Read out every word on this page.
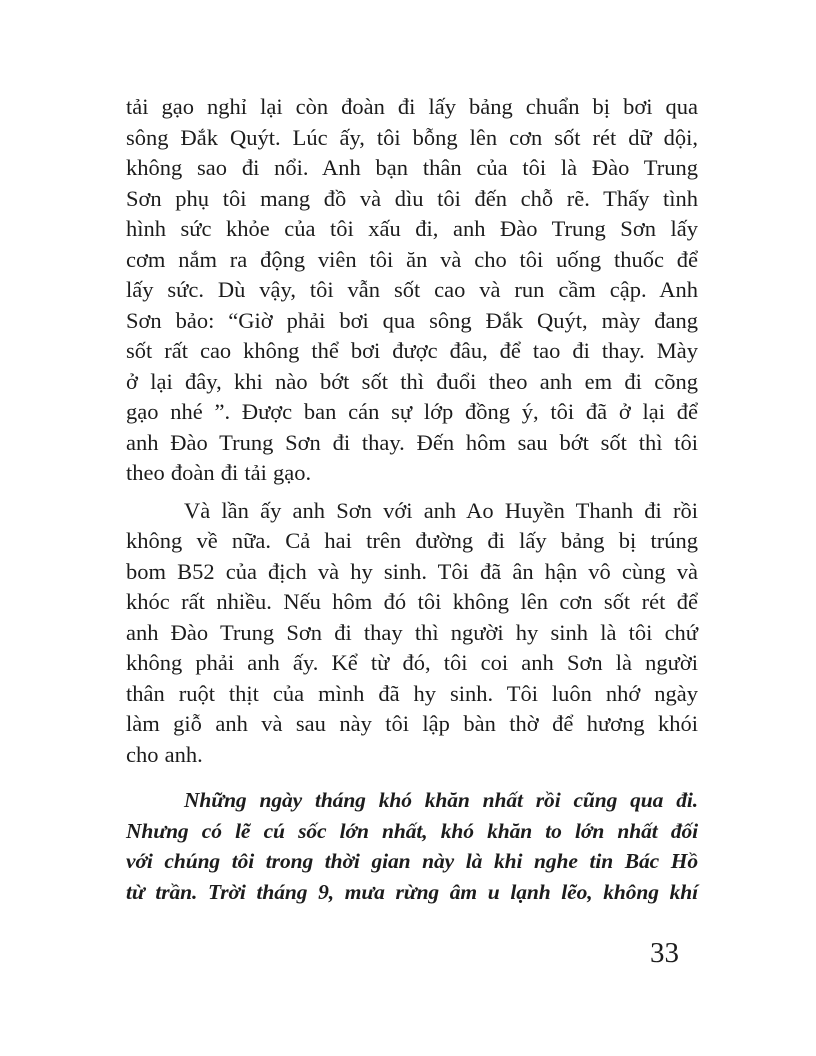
tải gạo nghỉ lại còn đoàn đi lấy bảng chuẩn bị bơi qua
sông Đắk Quýt. Lúc ấy, tôi bỗng lên cơn sốt rét dữ dội,
không sao đi nổi. Anh bạn thân của tôi là Đào Trung
Sơn phụ tôi mang đồ và dìu tôi đến chỗ rẽ. Thấy tình
hình sức khỏe của tôi xấu đi, anh Đào Trung Sơn lấy
cơm nắm ra động viên tôi ăn và cho tôi uống thuốc để
lấy sức. Dù vậy, tôi vẫn sốt cao và run cầm cập. Anh
Sơn bảo: “Giờ phải bơi qua sông Đắk Quýt, mày đang
sốt rất cao không thể bơi được đâu, để tao đi thay. Mày
ở lại đây, khi nào bớt sốt thì đuổi theo anh em đi cõng
gạo nhé ”. Được ban cán sự lớp đồng ý, tôi đã ở lại để
anh Đào Trung Sơn đi thay. Đến hôm sau bớt sốt thì tôi
theo đoàn đi tải gạo.
Và lần ấy anh Sơn với anh Ao Huyền Thanh đi rồi
không về nữa. Cả hai trên đường đi lấy bảng bị trúng
bom B52 của địch và hy sinh. Tôi đã ân hận vô cùng và
khóc rất nhiều. Nếu hôm đó tôi không lên cơn sốt rét để
anh Đào Trung Sơn đi thay thì người hy sinh là tôi chứ
không phải anh ấy. Kể từ đó, tôi coi anh Sơn là người
thân ruột thịt của mình đã hy sinh. Tôi luôn nhớ ngày
làm giỗ anh và sau này tôi lập bàn thờ để hương khói
cho anh.
Những ngày tháng khó khăn nhất rồi cũng qua đi.
Nhưng có lẽ cú sốc lớn nhất, khó khăn to lớn nhất đối
với chúng tôi trong thời gian này là khi nghe tin Bác Hồ
từ trần. Trời tháng 9, mưa rừng âm u lạnh lẽo, không khí
33
